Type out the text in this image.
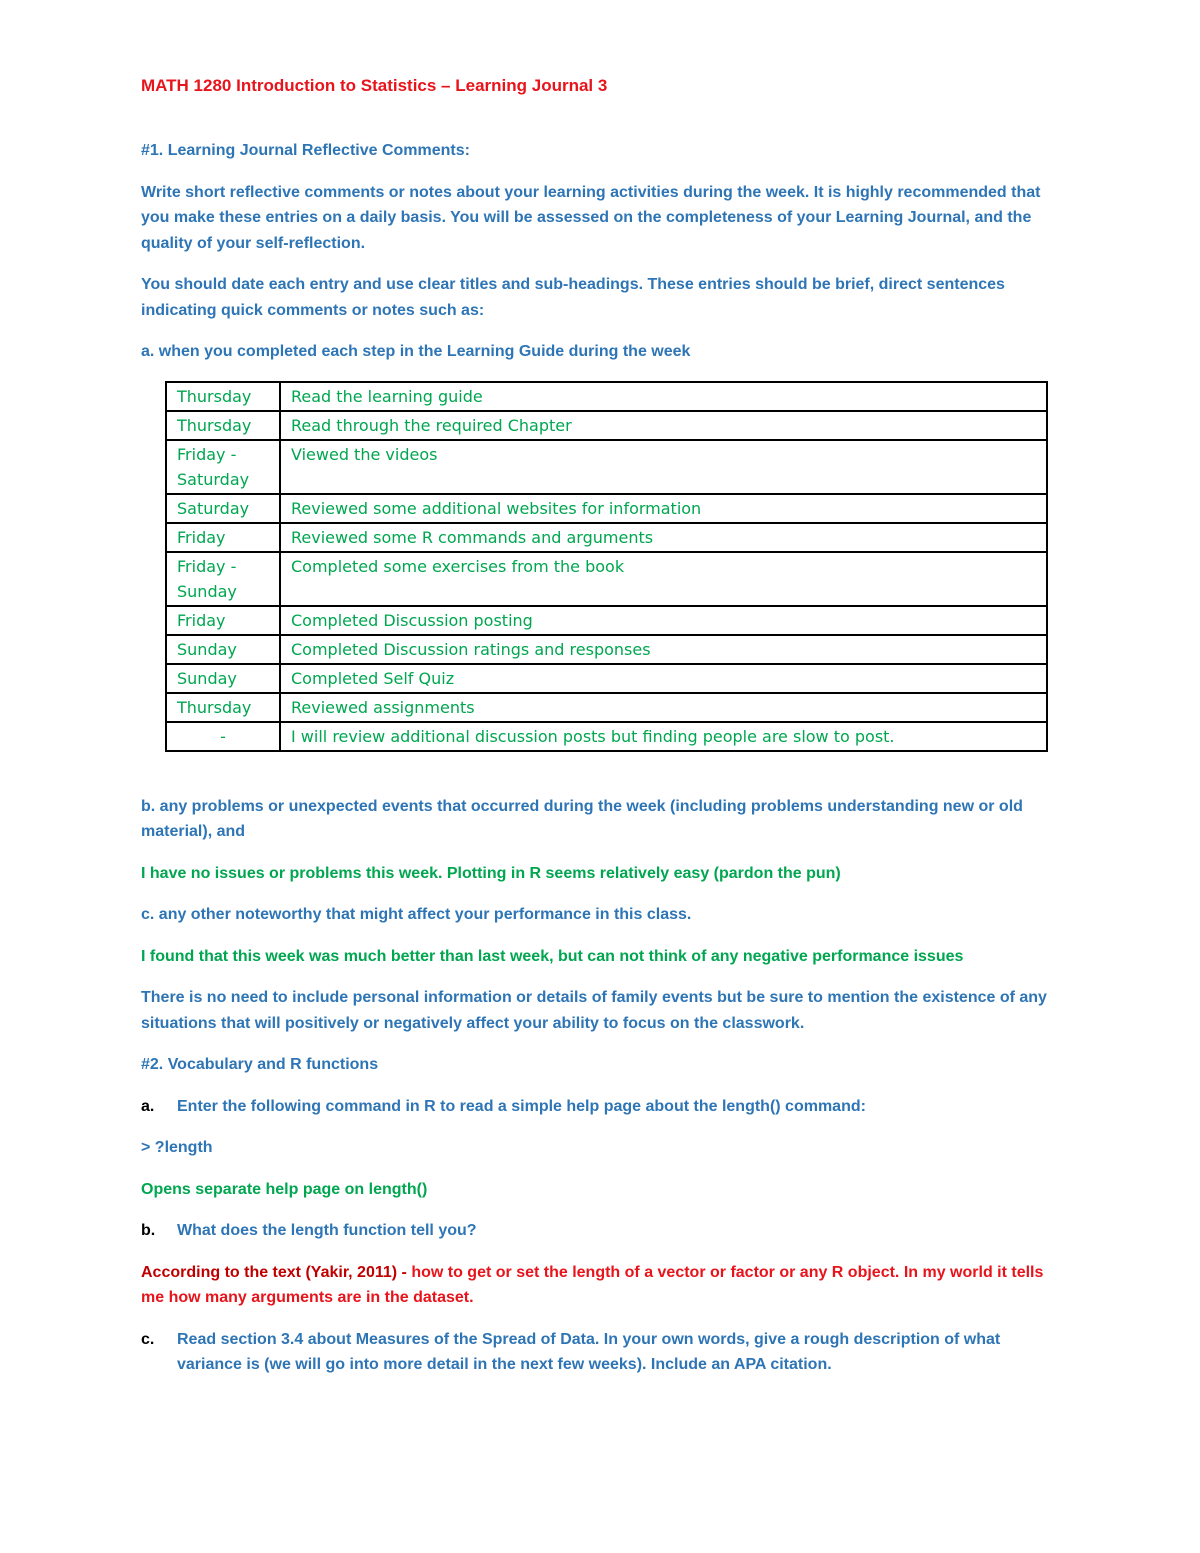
MATH 1280 Introduction to Statistics – Learning Journal 3

#1. Learning Journal Reflective Comments:

Write short reflective comments or notes about your learning activities during the week. It is highly recommended that you make these entries on a daily basis. You will be assessed on the completeness of your Learning Journal, and the quality of your self-reflection.

You should date each entry and use clear titles and sub-headings. These entries should be brief, direct sentences indicating quick comments or notes such as:

a. when you completed each step in the Learning Guide during the week

Thursday	Read the learning guide
Thursday	Read through the required Chapter
Friday - Saturday	Viewed the videos
Saturday	Reviewed some additional websites for information
Friday	Reviewed some R commands and arguments
Friday - Sunday	Completed some exercises from the book
Friday	Completed Discussion posting
Sunday	Completed Discussion ratings and responses
Sunday	Completed Self Quiz
Thursday	Reviewed assignments
-	I will review additional discussion posts but finding people are slow to post.

b. any problems or unexpected events that occurred during the week (including problems understanding new or old material), and

I have no issues or problems this week. Plotting in R seems relatively easy (pardon the pun)

c. any other noteworthy that might affect your performance in this class.

I found that this week was much better than last week, but can not think of any negative performance issues

There is no need to include personal information or details of family events but be sure to mention the existence of any situations that will positively or negatively affect your ability to focus on the classwork.

#2. Vocabulary and R functions

a.	Enter the following command in R to read a simple help page about the length() command:

> ?length

Opens separate help page on length()

b.	What does the length function tell you?

According to the text (Yakir, 2011) - how to get or set the length of a vector or factor or any R object. In my world it tells me how many arguments are in the dataset.

c.	Read section 3.4 about Measures of the Spread of Data. In your own words, give a rough description of what variance is (we will go into more detail in the next few weeks). Include an APA citation.
